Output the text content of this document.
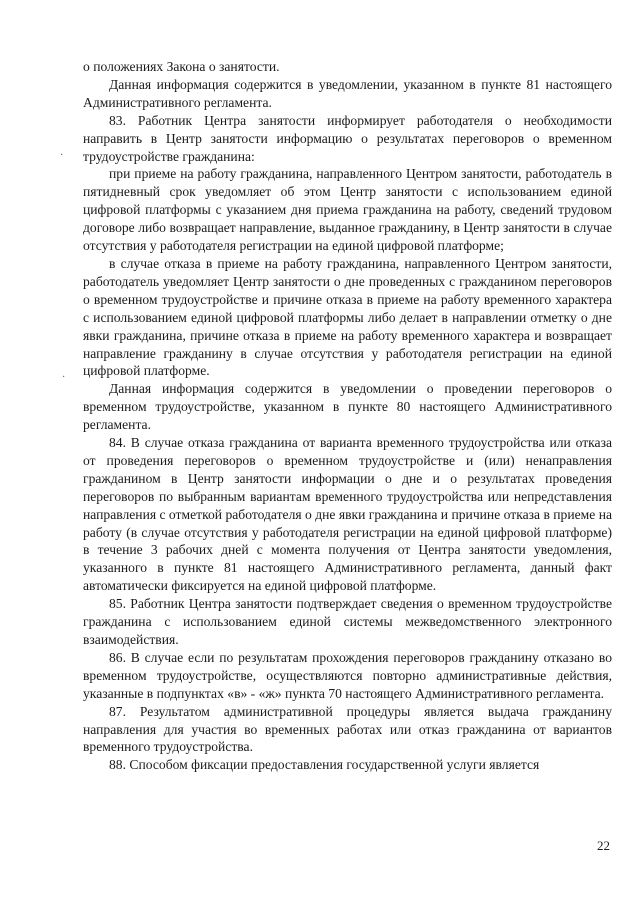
о положениях Закона о занятости.

Данная информация содержится в уведомлении, указанном в пункте 81 настоящего Административного регламента.

83. Работник Центра занятости информирует работодателя о необходимости направить в Центр занятости информацию о результатах переговоров о временном трудоустройстве гражданина:

при приеме на работу гражданина, направленного Центром занятости, работодатель в пятидневный срок уведомляет об этом Центр занятости с использованием единой цифровой платформы с указанием дня приема гражданина на работу, сведений трудовом договоре либо возвращает направление, выданное гражданину, в Центр занятости в случае отсутствия у работодателя регистрации на единой цифровой платформе;

в случае отказа в приеме на работу гражданина, направленного Центром занятости, работодатель уведомляет Центр занятости о дне проведенных с гражданином переговоров о временном трудоустройстве и причине отказа в приеме на работу временного характера с использованием единой цифровой платформы либо делает в направлении отметку о дне явки гражданина, причине отказа в приеме на работу временного характера и возвращает направление гражданину в случае отсутствия у работодателя регистрации на единой цифровой платформе.

Данная информация содержится в уведомлении о проведении переговоров о временном трудоустройстве, указанном в пункте 80 настоящего Административного регламента.

84. В случае отказа гражданина от варианта временного трудоустройства или отказа от проведения переговоров о временном трудоустройстве и (или) ненаправления гражданином в Центр занятости информации о дне и о результатах проведения переговоров по выбранным вариантам временного трудоустройства или непредставления направления с отметкой работодателя о дне явки гражданина и причине отказа в приеме на работу (в случае отсутствия у работодателя регистрации на единой цифровой платформе) в течение 3 рабочих дней с момента получения от Центра занятости уведомления, указанного в пункте 81 настоящего Административного регламента, данный факт автоматически фиксируется на единой цифровой платформе.

85. Работник Центра занятости подтверждает сведения о временном трудоустройстве гражданина с использованием единой системы межведомственного электронного взаимодействия.

86. В случае если по результатам прохождения переговоров гражданину отказано во временном трудоустройстве, осуществляются повторно административные действия, указанные в подпунктах «в» - «ж» пункта 70 настоящего Административного регламента.

87. Результатом административной процедуры является выдача гражданину направления для участия во временных работах или отказ гражданина от вариантов временного трудоустройства.

88. Способом фиксации предоставления государственной услуги является

·
·
22
